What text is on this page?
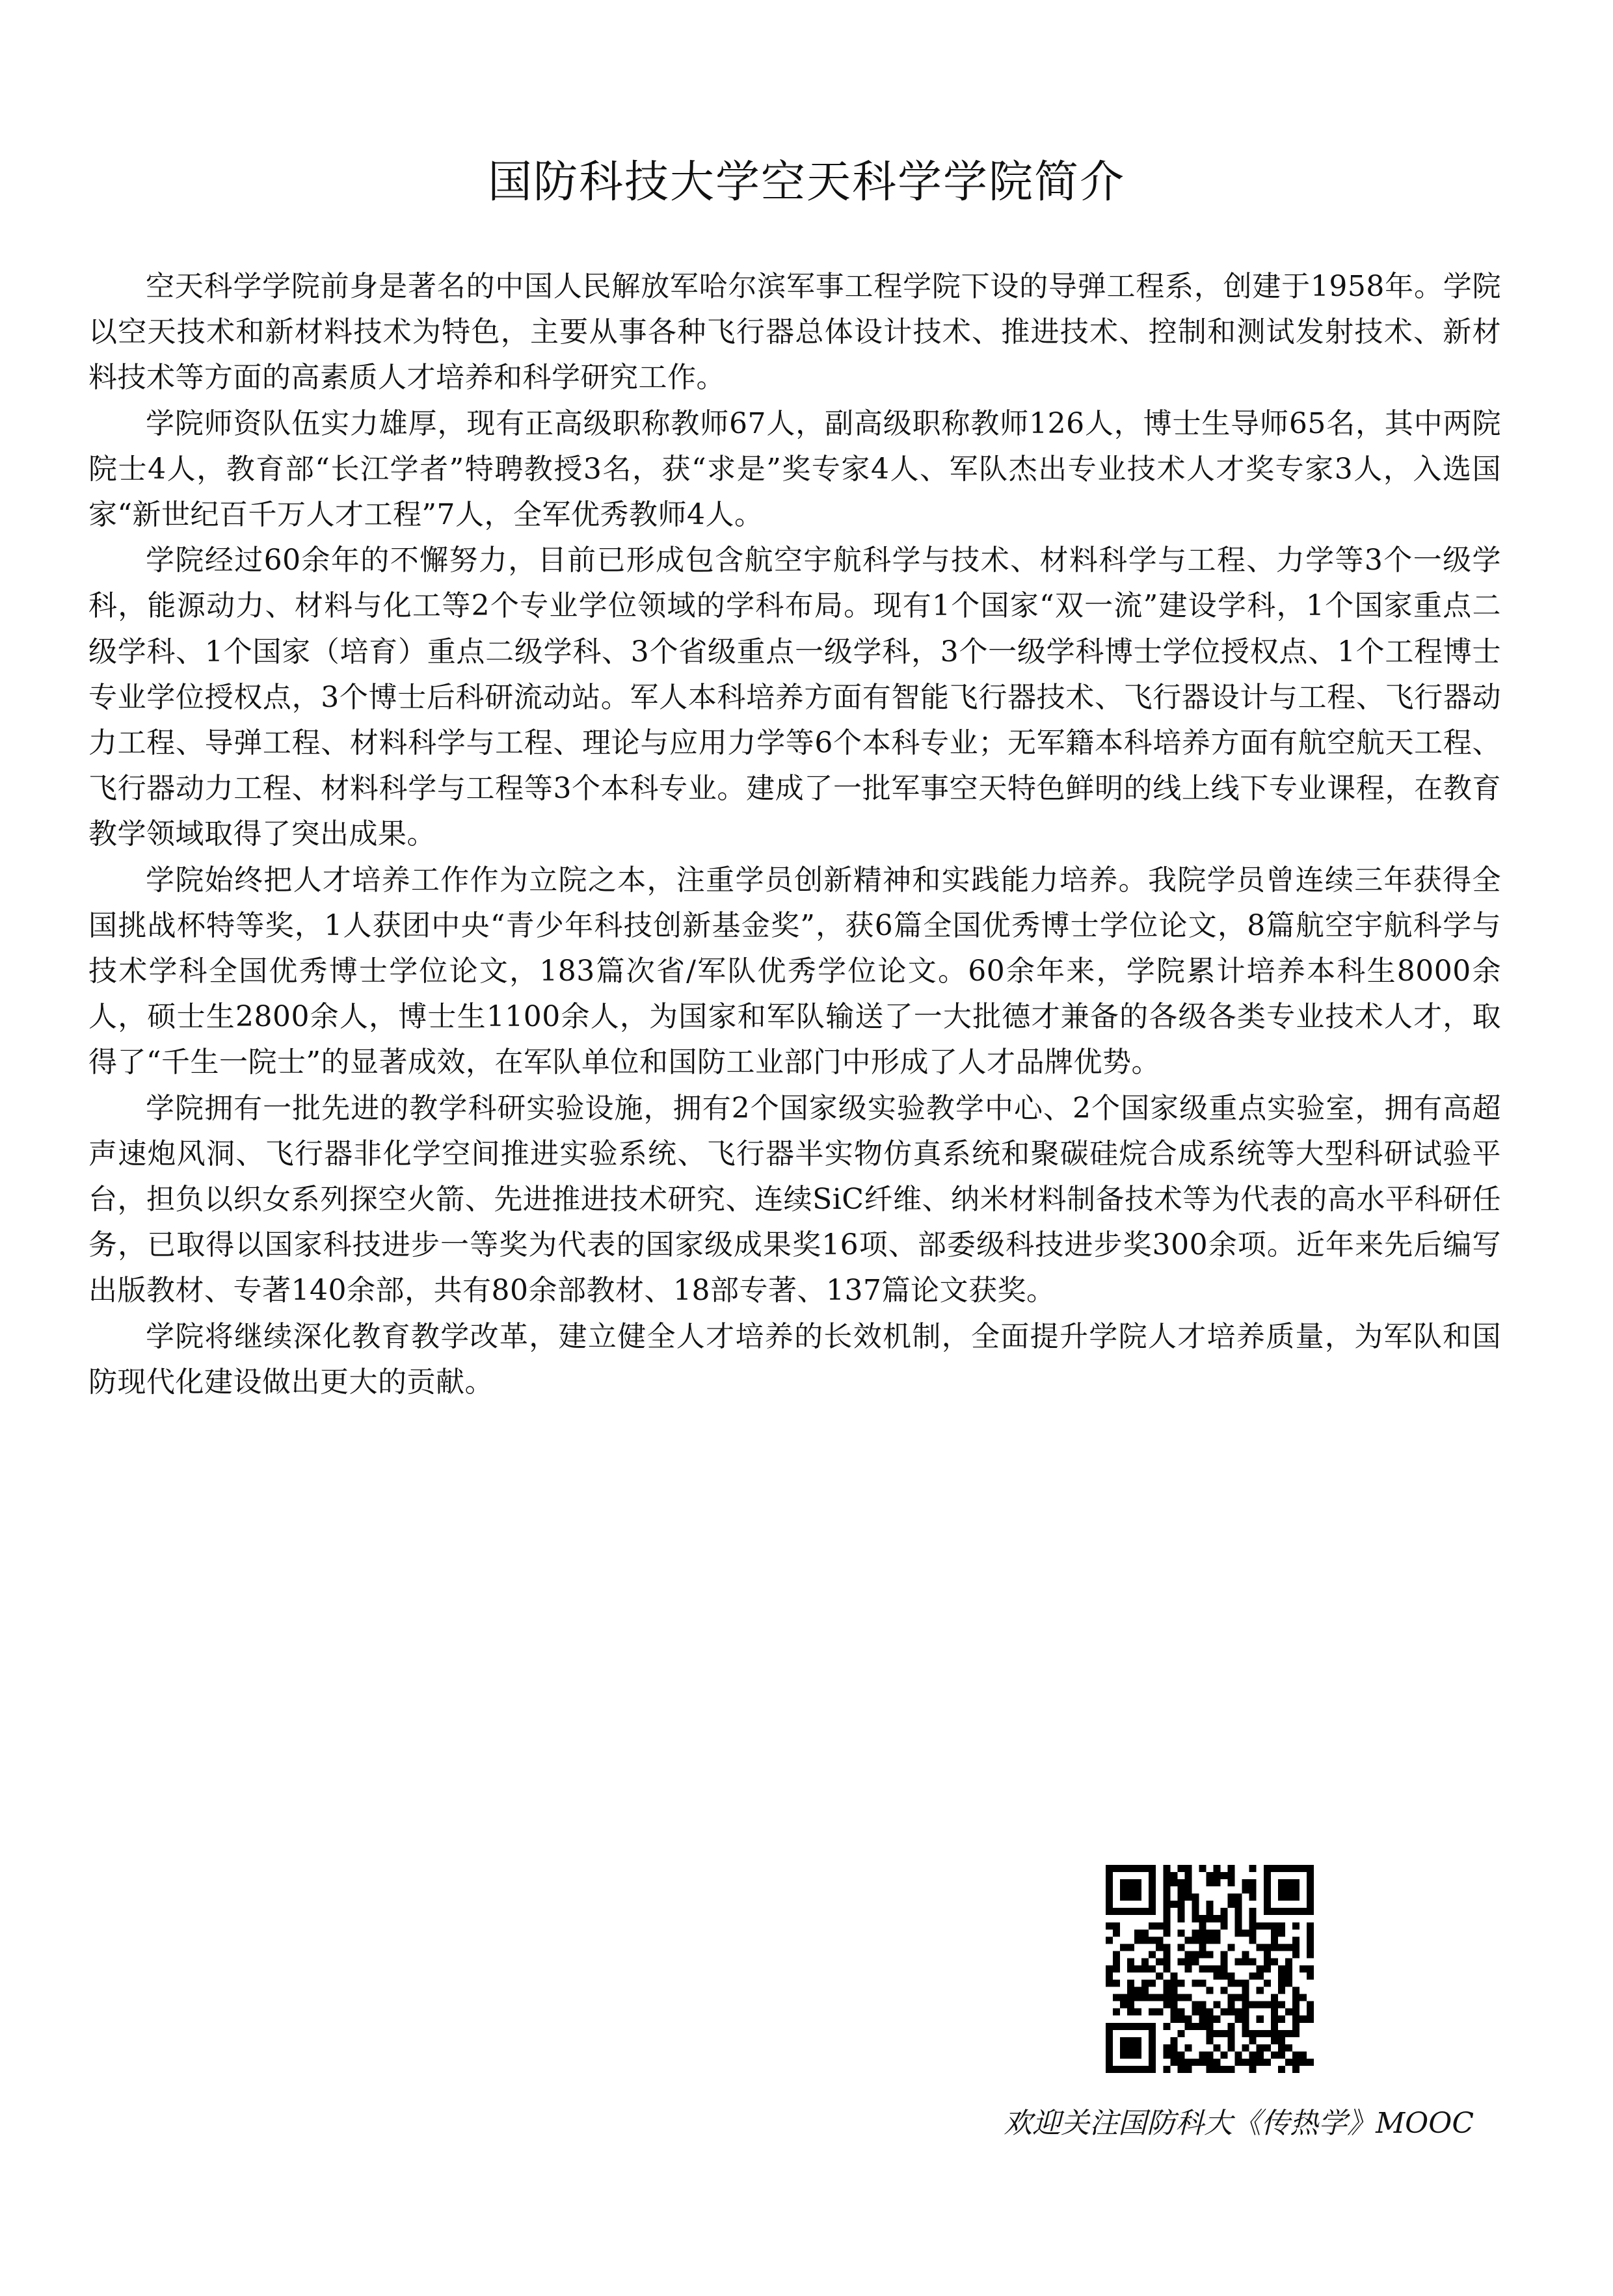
国防科技大学空天科学学院简介

空天科学学院前身是著名的中国人民解放军哈尔滨军事工程学院下设的导弹工程系，创建于1958年。学院以空天技术和新材料技术为特色，主要从事各种飞行器总体设计技术、推进技术、控制和测试发射技术、新材料技术等方面的高素质人才培养和科学研究工作。

学院师资队伍实力雄厚，现有正高级职称教师67人，副高级职称教师126人，博士生导师65名，其中两院院士4人，教育部“长江学者”特聘教授3名，获“求是”奖专家4人、军队杰出专业技术人才奖专家3人，入选国家“新世纪百千万人才工程”7人，全军优秀教师4人。

学院经过60余年的不懈努力，目前已形成包含航空宇航科学与技术、材料科学与工程、力学等3个一级学科，能源动力、材料与化工等2个专业学位领域的学科布局。现有1个国家“双一流”建设学科，1个国家重点二级学科、1个国家（培育）重点二级学科、3个省级重点一级学科，3个一级学科博士学位授权点、1个工程博士专业学位授权点，3个博士后科研流动站。军人本科培养方面有智能飞行器技术、飞行器设计与工程、飞行器动力工程、导弹工程、材料科学与工程、理论与应用力学等6个本科专业；无军籍本科培养方面有航空航天工程、飞行器动力工程、材料科学与工程等3个本科专业。建成了一批军事空天特色鲜明的线上线下专业课程，在教育教学领域取得了突出成果。

学院始终把人才培养工作作为立院之本，注重学员创新精神和实践能力培养。我院学员曾连续三年获得全国挑战杯特等奖，1人获团中央“青少年科技创新基金奖”，获6篇全国优秀博士学位论文，8篇航空宇航科学与技术学科全国优秀博士学位论文，183篇次省/军队优秀学位论文。60余年来，学院累计培养本科生8000余人，硕士生2800余人，博士生1100余人，为国家和军队输送了一大批德才兼备的各级各类专业技术人才，取得了“千生一院士”的显著成效，在军队单位和国防工业部门中形成了人才品牌优势。

学院拥有一批先进的教学科研实验设施，拥有2个国家级实验教学中心、2个国家级重点实验室，拥有高超声速炮风洞、飞行器非化学空间推进实验系统、飞行器半实物仿真系统和聚碳硅烷合成系统等大型科研试验平台，担负以织女系列探空火箭、先进推进技术研究、连续SiC纤维、纳米材料制备技术等为代表的高水平科研任务，已取得以国家科技进步一等奖为代表的国家级成果奖16项、部委级科技进步奖300余项。近年来先后编写出版教材、专著140余部，共有80余部教材、18部专著、137篇论文获奖。

学院将继续深化教育教学改革，建立健全人才培养的长效机制，全面提升学院人才培养质量，为军队和国防现代化建设做出更大的贡献。

欢迎关注国防科大《传热学》MOOC
